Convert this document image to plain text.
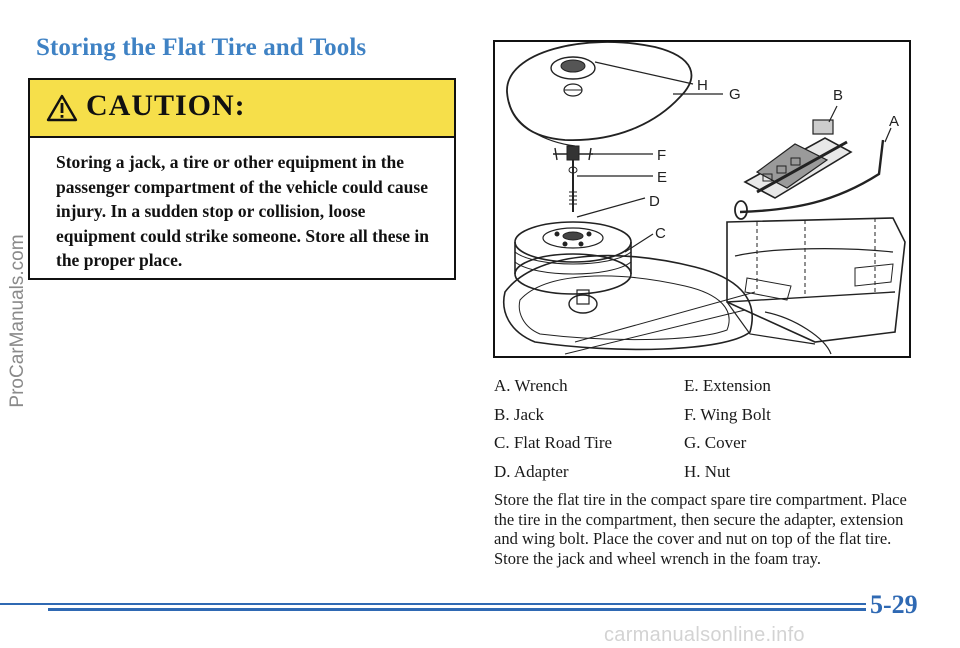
Storing the Flat Tire and Tools
CAUTION:
Storing a jack, a tire or other equipment in the passenger compartment of the vehicle could cause injury. In a sudden stop or collision, loose equipment could strike someone. Store all these in the proper place.
ProCarManuals.com
H
G	B
A
F
E
D
C
A. Wrench	E. Extension
B. Jack	F. Wing Bolt
C. Flat Road Tire	G. Cover
D. Adapter	H. Nut

Store the flat tire in the compact spare tire compartment. Place the tire in the compartment, then secure the adapter, extension and wing bolt. Place the cover and nut on top of the flat tire. Store the jack and wheel wrench in the foam tray.

5-29
carmanualsonline.info
